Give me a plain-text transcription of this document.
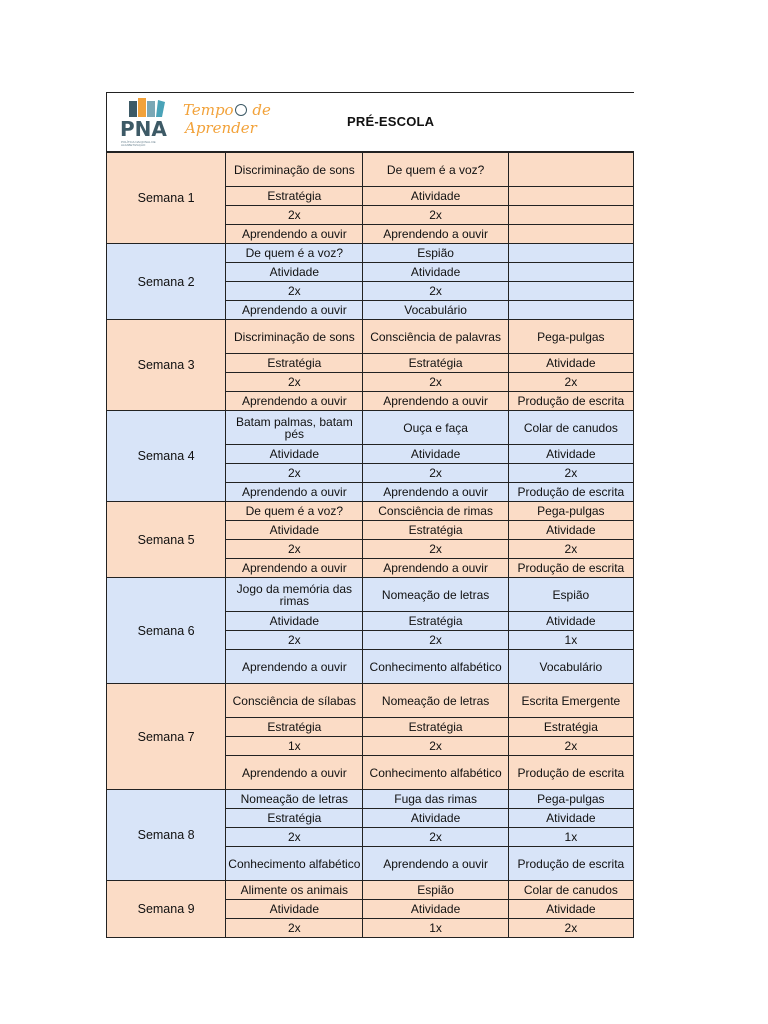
PNA
POLÍTICA NACIONAL DE ALFABETIZAÇÃO
Tempo de
Aprender	PRÉ-ESCOLA
Semana 1	Discriminação de sons	De quem é a voz?	
	Estratégia	Atividade	
	2x	2x	
	Aprendendo a ouvir	Aprendendo a ouvir	
Semana 2	De quem é a voz?	Espião	
	Atividade	Atividade	
	2x	2x	
	Aprendendo a ouvir	Vocabulário	
Semana 3	Discriminação de sons	Consciência de palavras	Pega-pulgas
	Estratégia	Estratégia	Atividade
	2x	2x	2x
	Aprendendo a ouvir	Aprendendo a ouvir	Produção de escrita
Semana 4	Batam palmas, batam pés	Ouça e faça	Colar de canudos
	Atividade	Atividade	Atividade
	2x	2x	2x
	Aprendendo a ouvir	Aprendendo a ouvir	Produção de escrita
Semana 5	De quem é a voz?	Consciência de rimas	Pega-pulgas
	Atividade	Estratégia	Atividade
	2x	2x	2x
	Aprendendo a ouvir	Aprendendo a ouvir	Produção de escrita
Semana 6	Jogo da memória das rimas	Nomeação de letras	Espião
	Atividade	Estratégia	Atividade
	2x	2x	1x
	Aprendendo a ouvir	Conhecimento alfabético	Vocabulário
Semana 7	Consciência de sílabas	Nomeação de letras	Escrita Emergente
	Estratégia	Estratégia	Estratégia
	1x	2x	2x
	Aprendendo a ouvir	Conhecimento alfabético	Produção de escrita
Semana 8	Nomeação de letras	Fuga das rimas	Pega-pulgas
	Estratégia	Atividade	Atividade
	2x	2x	1x
	Conhecimento alfabético	Aprendendo a ouvir	Produção de escrita
Semana 9	Alimente os animais	Espião	Colar de canudos
	Atividade	Atividade	Atividade
	2x	1x	2x
